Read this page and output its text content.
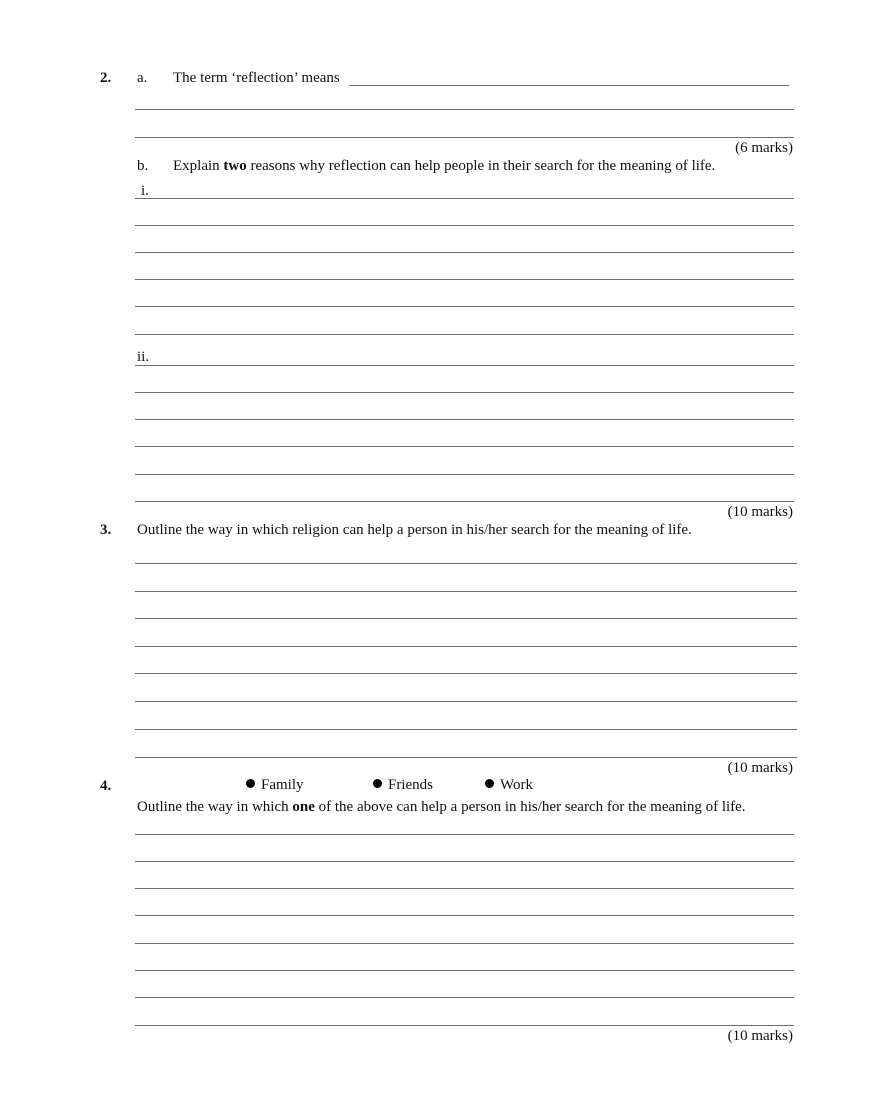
2. a. The term ‘reflection’ means
(6 marks)
b. Explain two reasons why reflection can help people in their search for the meaning of life.
i.
ii.
(10 marks)
3. Outline the way in which religion can help a person in his/her search for the meaning of life.
(10 marks)
4.	Family	Friends	Work
Outline the way in which one of the above can help a person in his/her search for the meaning of life.
(10 marks)
